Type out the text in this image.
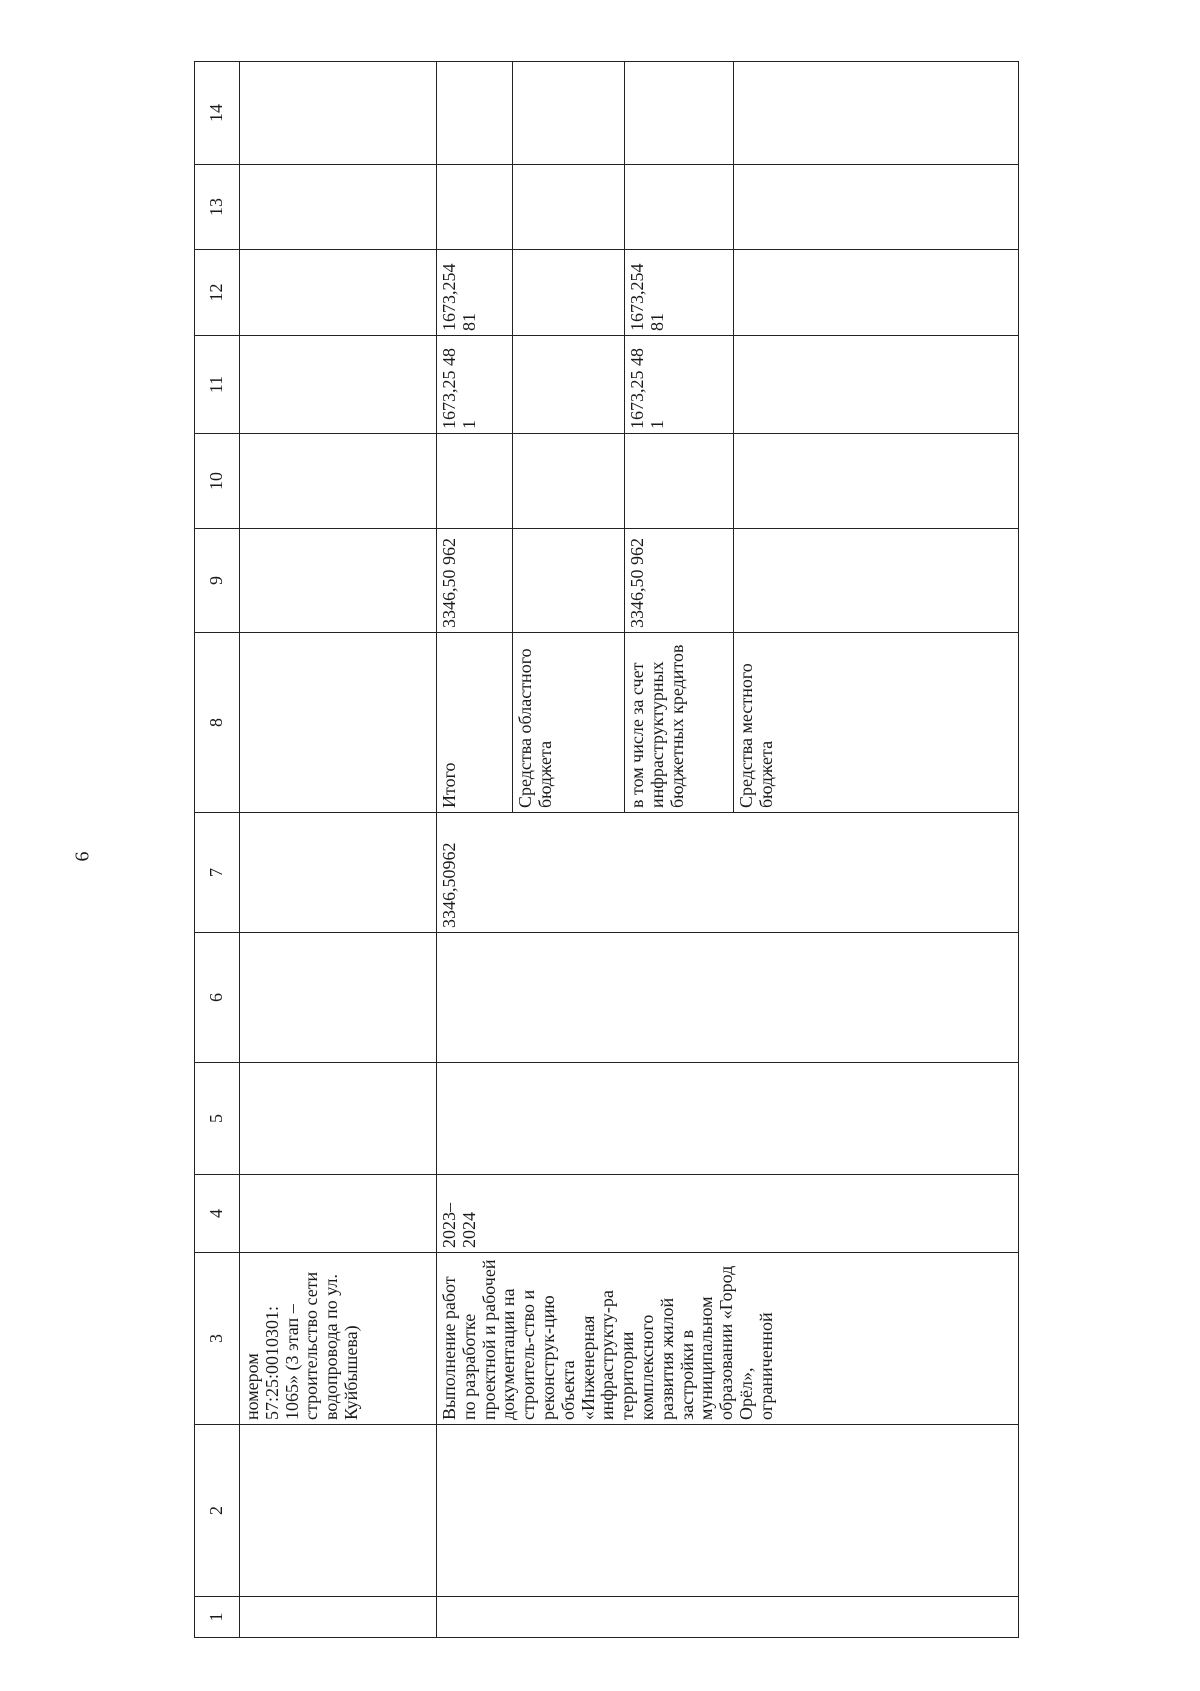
6
1	2	3	4	5	6	7	8	9	10	11	12	13	14
		номером 57:25:0010301: 1065» (3 этап – строительство сети водопровода по ул. Куйбышева)											
		Выполнение работ по разработке проектной и рабочей документации на строитель-ство и реконструк-цию объекта «Инженерная инфраструкту-ра территории комплексного развития жилой застройки в муниципальном образовании «Город Орёл», ограниченной	2023–2024			3346,50962	Итого	3346,50 962		1673,25 481	1673,254 81		
							Средства областного бюджета						
							в том числе за счет инфраструктурных бюджетных кредитов	3346,50 962		1673,25 481	1673,254 81		
							Средства местного бюджета						
